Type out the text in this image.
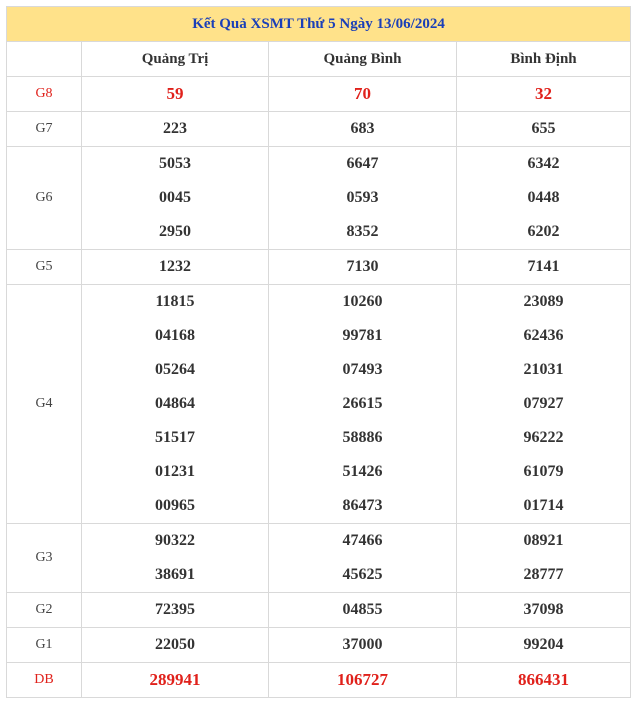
Kết Quả XSMT Thứ 5 Ngày 13/06/2024			
	Quảng Trị	Quảng Bình	Bình Định
G8	59	70	32
G7	223	683	655
G6	5053	6647	6342
	0045	0593	0448
	2950	8352	6202
G5	1232	7130	7141
G4	11815	10260	23089
	04168	99781	62436
	05264	07493	21031
	04864	26615	07927
	51517	58886	96222
	01231	51426	61079
	00965	86473	01714
G3	90322	47466	08921
	38691	45625	28777
G2	72395	04855	37098
G1	22050	37000	99204
DB	289941	106727	866431
